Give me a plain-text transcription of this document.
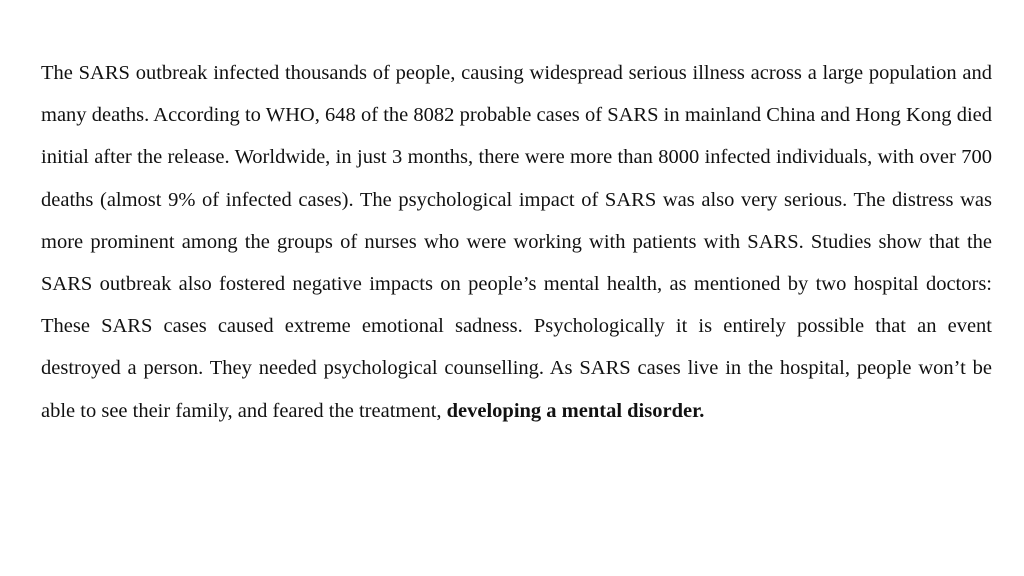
The SARS outbreak infected thousands of people, causing widespread serious illness across a large population and many deaths. According to WHO, 648 of the 8082 probable cases of SARS in mainland China and Hong Kong died initial after the release. Worldwide, in just 3 months, there were more than 8000 infected individuals, with over 700 deaths (almost 9% of infected cases). The psychological impact of SARS was also very serious. The distress was more prominent among the groups of nurses who were working with patients with SARS. Studies show that the SARS outbreak also fostered negative impacts on people’s mental health, as mentioned by two hospital doctors: These SARS cases caused extreme emotional sadness. Psychologically it is entirely possible that an event destroyed a person. They needed psychological counselling. As SARS cases live in the hospital, people won’t be able to see their family, and feared the treatment, developing a mental disorder.
